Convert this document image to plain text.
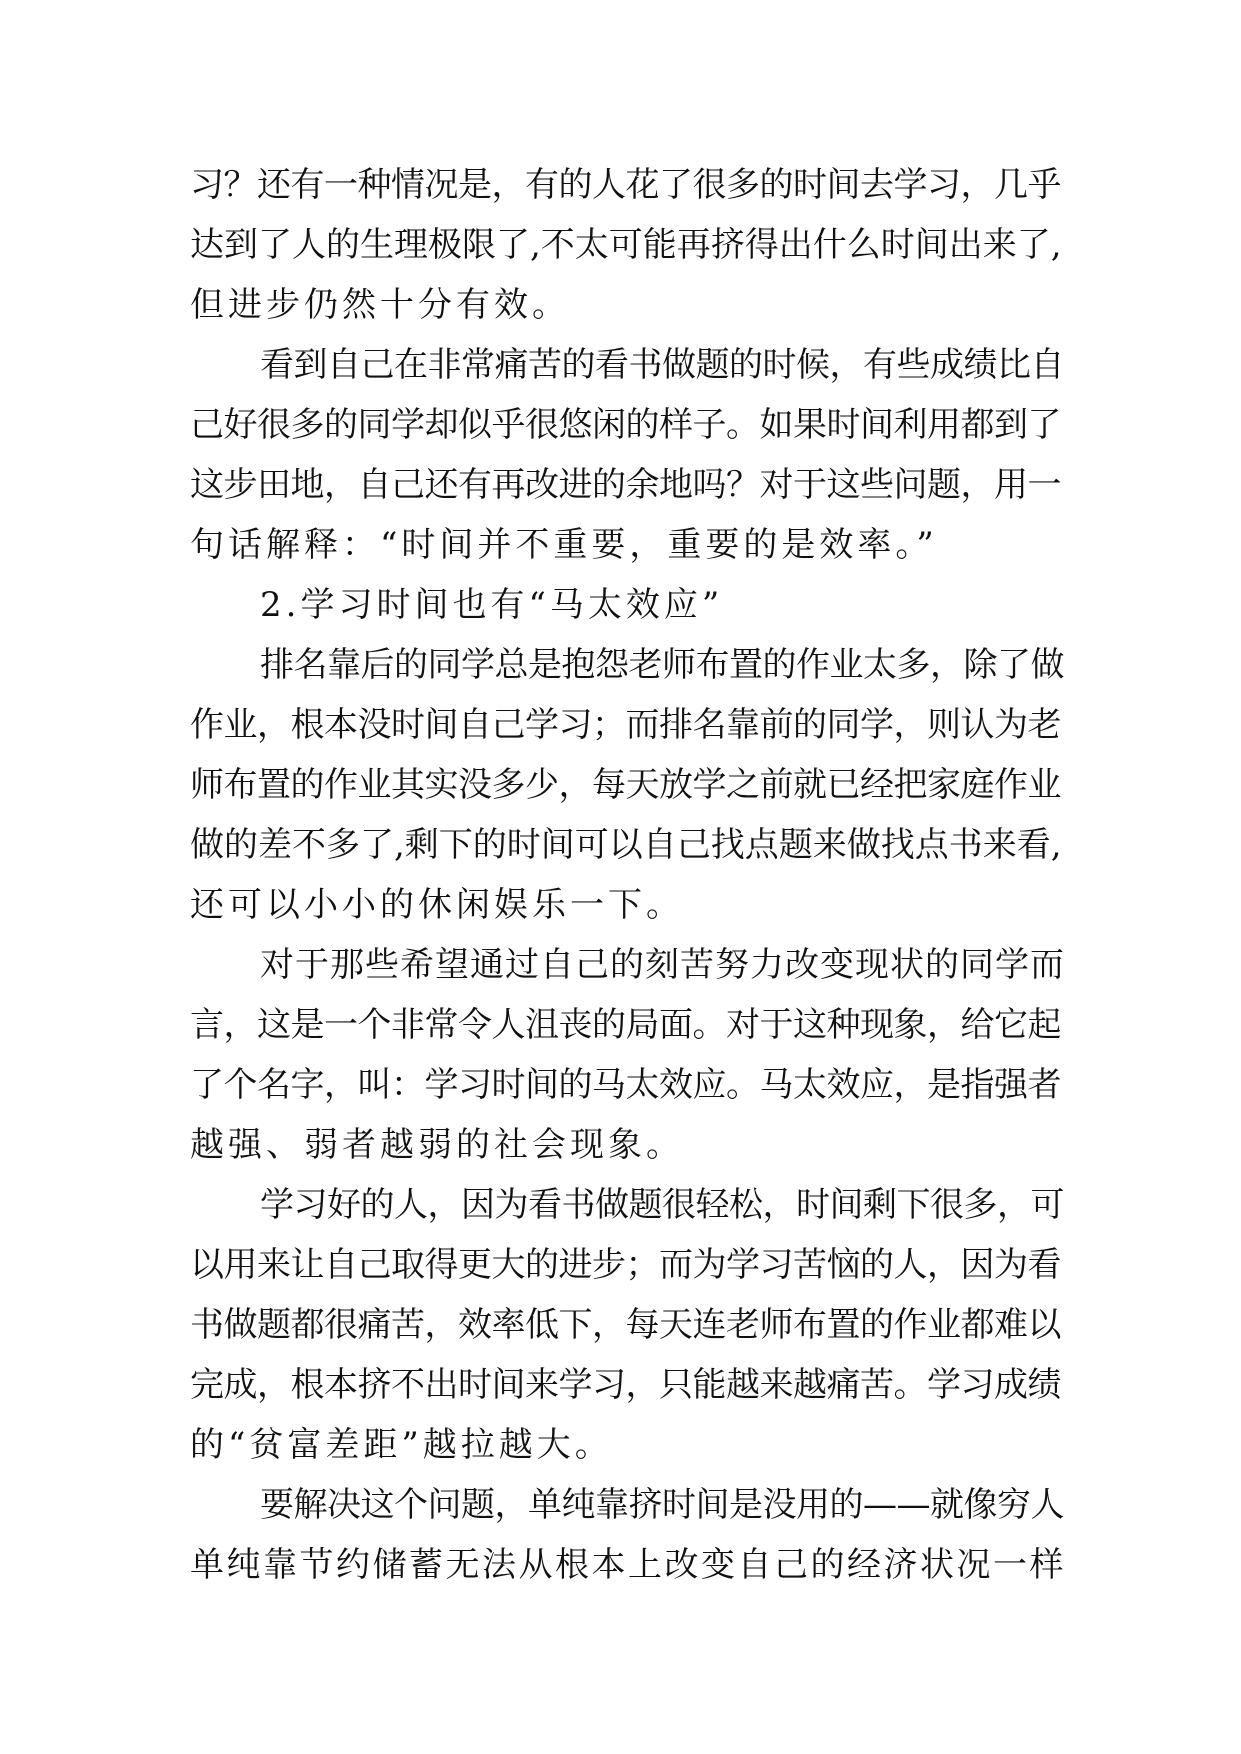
习？还有一种情况是，有的人花了很多的时间去学习，几乎
达到了人的生理极限了,不太可能再挤得出什么时间出来了,
但进步仍然十分有效。
看到自己在非常痛苦的看书做题的时候，有些成绩比自
己好很多的同学却似乎很悠闲的样子。如果时间利用都到了
这步田地，自己还有再改进的余地吗？对于这些问题，用一
句话解释：“时间并不重要，重要的是效率。”
2.学习时间也有“马太效应”
排名靠后的同学总是抱怨老师布置的作业太多，除了做
作业，根本没时间自己学习；而排名靠前的同学，则认为老
师布置的作业其实没多少，每天放学之前就已经把家庭作业
做的差不多了,剩下的时间可以自己找点题来做找点书来看,
还可以小小的休闲娱乐一下。
对于那些希望通过自己的刻苦努力改变现状的同学而
言，这是一个非常令人沮丧的局面。对于这种现象，给它起
了个名字，叫：学习时间的马太效应。马太效应，是指强者
越强、弱者越弱的社会现象。
学习好的人，因为看书做题很轻松，时间剩下很多，可
以用来让自己取得更大的进步；而为学习苦恼的人，因为看
书做题都很痛苦，效率低下，每天连老师布置的作业都难以
完成，根本挤不出时间来学习，只能越来越痛苦。学习成绩
的“贫富差距”越拉越大。
要解决这个问题，单纯靠挤时间是没用的——就像穷人
单纯靠节约储蓄无法从根本上改变自己的经济状况一样
